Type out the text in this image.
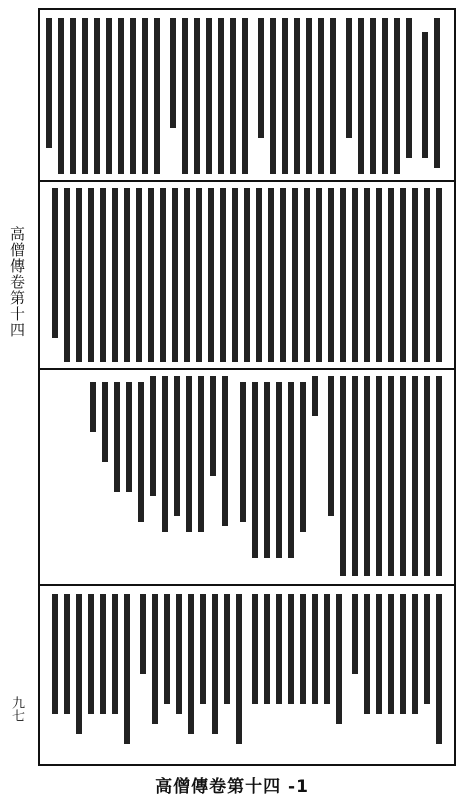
高僧傳卷第十四
九七
高僧傳卷第十四 -1
